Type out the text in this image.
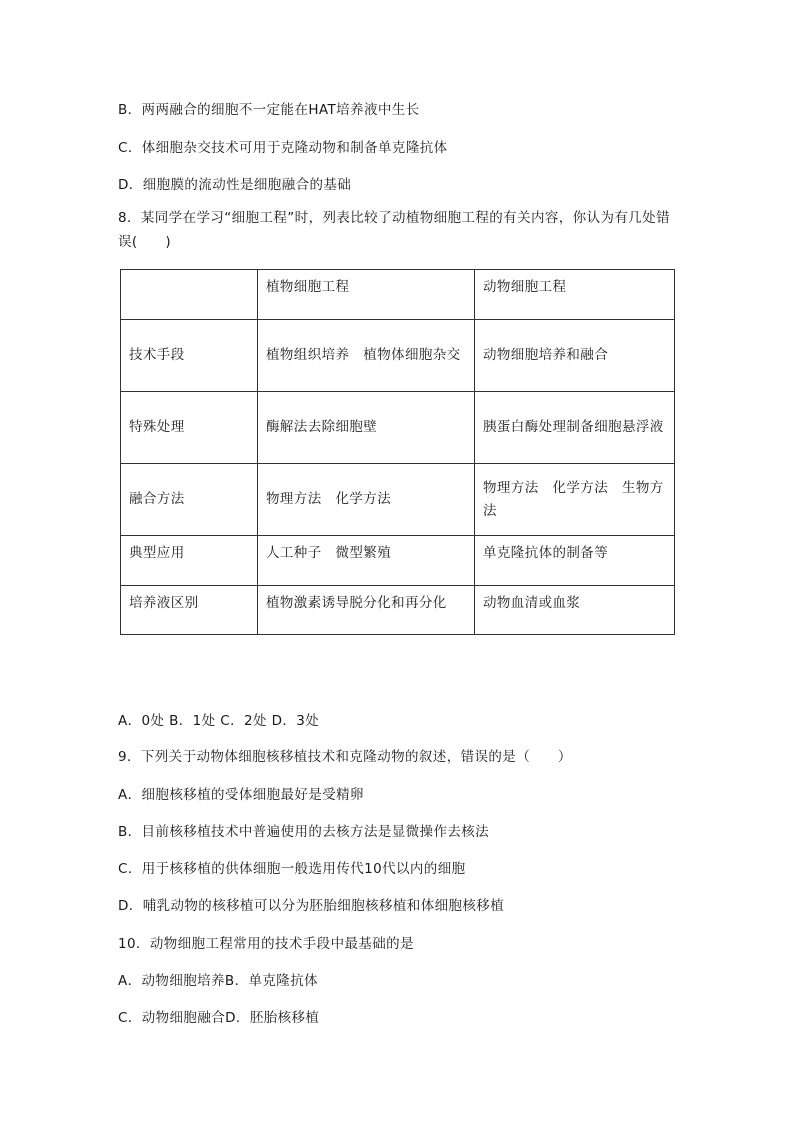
B．两两融合的细胞不一定能在HAT培养液中生长
C．体细胞杂交技术可用于克隆动物和制备单克隆抗体
D．细胞膜的流动性是细胞融合的基础
8．某同学在学习“细胞工程”时，列表比较了动植物细胞工程的有关内容，你认为有几处错误(　　)
	植物细胞工程	动物细胞工程
技术手段	植物组织培养　植物体细胞杂交	动物细胞培养和融合
特殊处理	酶解法去除细胞壁	胰蛋白酶处理制备细胞悬浮液
融合方法	物理方法　化学方法	物理方法　化学方法　生物方法
典型应用	人工种子　微型繁殖	单克隆抗体的制备等
培养液区别	植物激素诱导脱分化和再分化	动物血清或血浆
A．0处 B．1处 C．2处 D．3处
9．下列关于动物体细胞核移植技术和克隆动物的叙述，错误的是（　　）
A．细胞核移植的受体细胞最好是受精卵
B．目前核移植技术中普遍使用的去核方法是显微操作去核法
C．用于核移植的供体细胞一般选用传代10代以内的细胞
D．哺乳动物的核移植可以分为胚胎细胞核移植和体细胞核移植
10．动物细胞工程常用的技术手段中最基础的是
A．动物细胞培养B．单克隆抗体
C．动物细胞融合D．胚胎核移植
